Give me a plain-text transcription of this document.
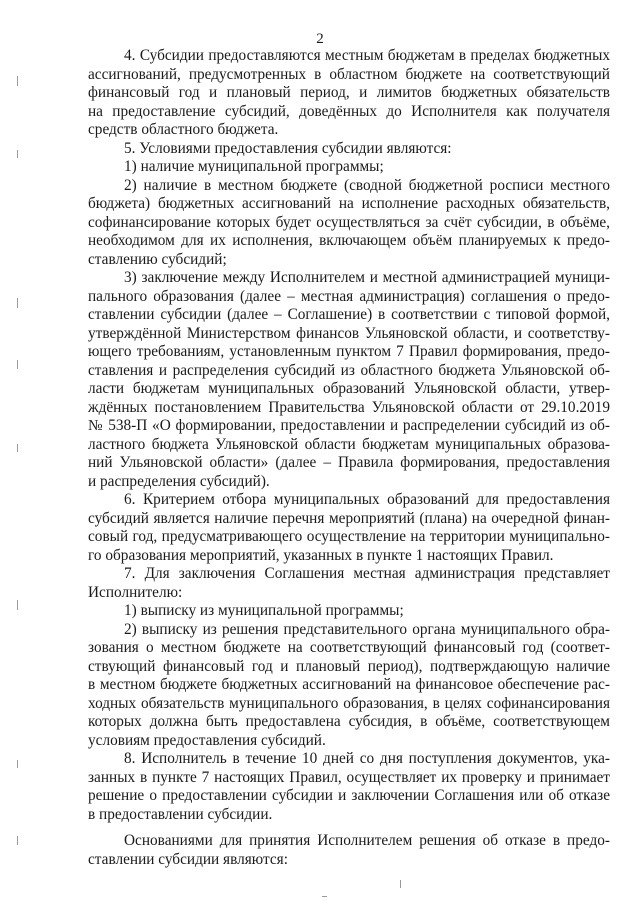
2
4. Субсидии предоставляются местным бюджетам в пределах бюджетных
ассигнований, предусмотренных в областном бюджете на соответствующий
финансовый год и плановый период, и лимитов бюджетных обязательств
на предоставление субсидий, доведённых до Исполнителя как получателя
средств областного бюджета.
5. Условиями предоставления субсидии являются:
1) наличие муниципальной программы;
2) наличие в местном бюджете (сводной бюджетной росписи местного
бюджета) бюджетных ассигнований на исполнение расходных обязательств,
софинансирование которых будет осуществляться за счёт субсидии, в объёме,
необходимом для их исполнения, включающем объём планируемых к предо-
ставлению субсидий;
3) заключение между Исполнителем и местной администрацией муници-
пального образования (далее – местная администрация) соглашения о предо-
ставлении субсидии (далее – Соглашение) в соответствии с типовой формой,
утверждённой Министерством финансов Ульяновской области, и соответству-
ющего требованиям, установленным пунктом 7 Правил формирования, предо-
ставления и распределения субсидий из областного бюджета Ульяновской об-
ласти бюджетам муниципальных образований Ульяновской области, утвер-
ждённых постановлением Правительства Ульяновской области от 29.10.2019
№ 538-П «О формировании, предоставлении и распределении субсидий из об-
ластного бюджета Ульяновской области бюджетам муниципальных образова-
ний Ульяновской области» (далее – Правила формирования, предоставления
и распределения субсидий).
6. Критерием отбора муниципальных образований для предоставления
субсидий является наличие перечня мероприятий (плана) на очередной финан-
совый год, предусматривающего осуществление на территории муниципально-
го образования мероприятий, указанных в пункте 1 настоящих Правил.
7. Для заключения Соглашения местная администрация представляет
Исполнителю:
1) выписку из муниципальной программы;
2) выписку из решения представительного органа муниципального обра-
зования о местном бюджете на соответствующий финансовый год (соответ-
ствующий финансовый год и плановый период), подтверждающую наличие
в местном бюджете бюджетных ассигнований на финансовое обеспечение рас-
ходных обязательств муниципального образования, в целях софинансирования
которых должна быть предоставлена субсидия, в объёме, соответствующем
условиям предоставления субсидий.
8. Исполнитель в течение 10 дней со дня поступления документов, ука-
занных в пункте 7 настоящих Правил, осуществляет их проверку и принимает
решение о предоставлении субсидии и заключении Соглашения или об отказе
в предоставлении субсидии.
Основаниями для принятия Исполнителем решения об отказе в предо-
ставлении субсидии являются:
